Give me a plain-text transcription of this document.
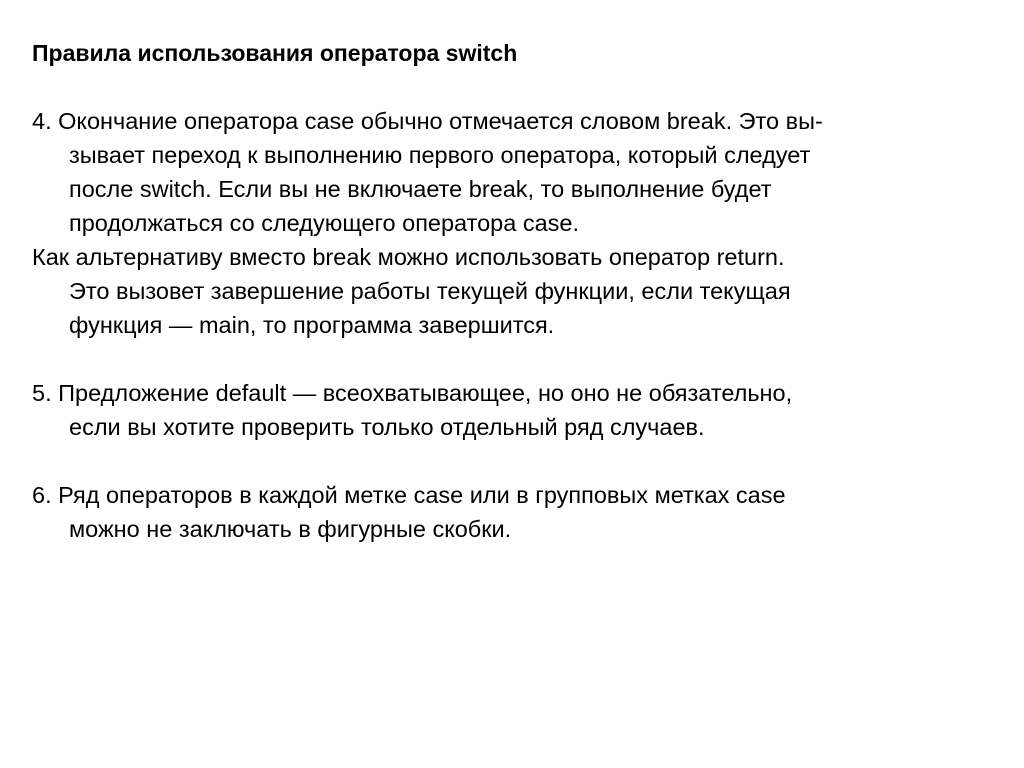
Правила использования оператора switch

4. Окончание оператора case обычно отмечается словом break. Это вы-
зывает переход к выполнению первого оператора, который следует
после switch. Если вы не включаете break, то выполнение будет
продолжаться со следующего оператора case.

Как альтернативу вместо break можно использовать оператор return.
Это вызовет завершение работы текущей функции, если текущая
функция — main, то программа завершится.

5. Предложение default — всеохватывающее, но оно не обязательно,
если вы хотите проверить только отдельный ряд случаев.

6. Ряд операторов в каждой метке case или в групповых метках case
можно не заключать в фигурные скобки.
